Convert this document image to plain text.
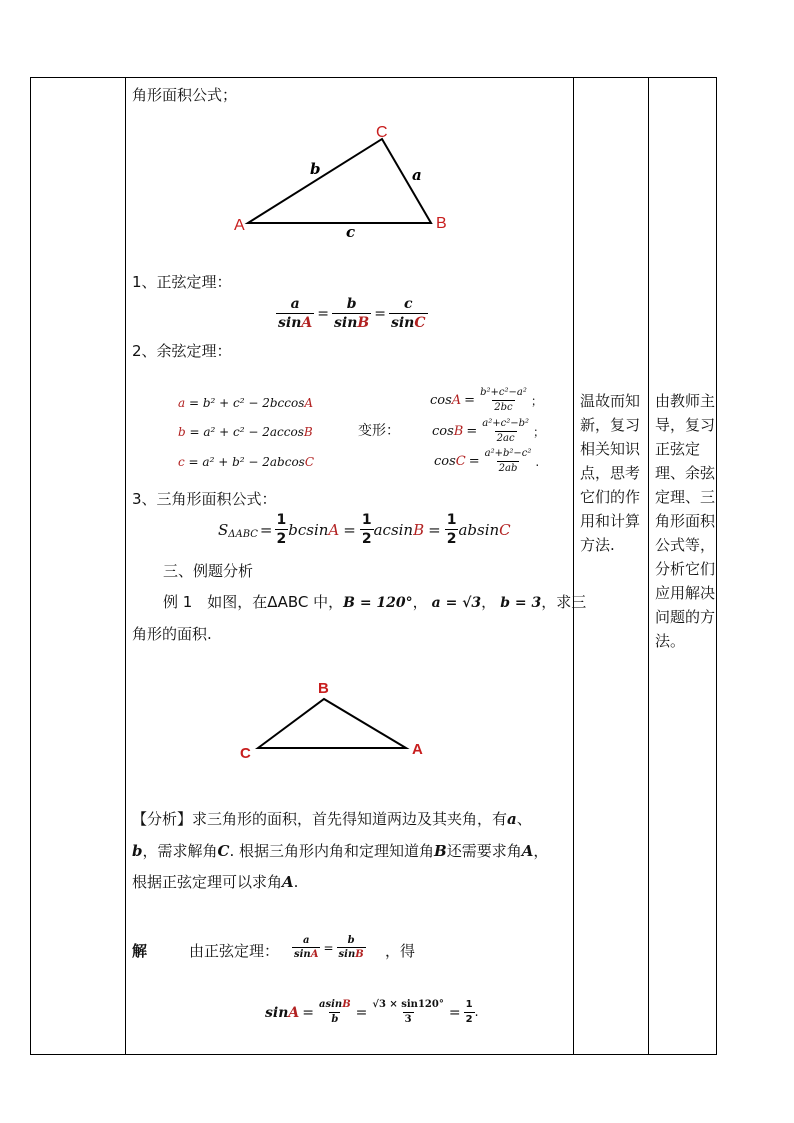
角形面积公式；
A	B
C
b	a
c
1、正弦定理：
$\frac{a}{\sin A} = \frac{b}{\sin B} = \frac{c}{\sin C}$
2、余弦定理：
a = b² + c² − 2bccosA
b = a² + c² − 2accosB
c = a² + b² − 2abcosC
变形：
$\cos A = \frac{\text{b²+c²−a²}}{2bc}$ ；
$\cos B = \frac{\text{a²+c²−b²}}{2ac}$ ；
$\cos C = \frac{\text{a²+b²−c²}}{2ab}$ .
3、三角形面积公式：
S $\Delta ABC = \frac{1}{2}$ bcsin $A = \frac{1}{2}$ acsin $B = \frac{1}{2}$ absin C
三、例题分析
例 1　如图，在ΔABC 中，B = 120°， a = √3， b = 3，求三
角形的面积.
B
C	A
【分析】求三角形的面积，首先得知道两边及其夹角，有a、
b，需求解角C. 根据三角形内角和定理知道角B还需要求角A，
根据正弦定理可以求角A.
解	由正弦定理： $\frac{a}{\sin A} = \frac{b}{\sin B}$ ，得
$\sin A = \frac{asinB}{b} = \frac{√3 \times \sin 120^\circ}{3} = \frac{1}{2}$ .
温故而知新，复习相关知识点，思考它们的作用和计算方法.
由教师主导，复习正弦定理、余弦定理、三角形面积公式等，分析它们应用解决问题的方法。
